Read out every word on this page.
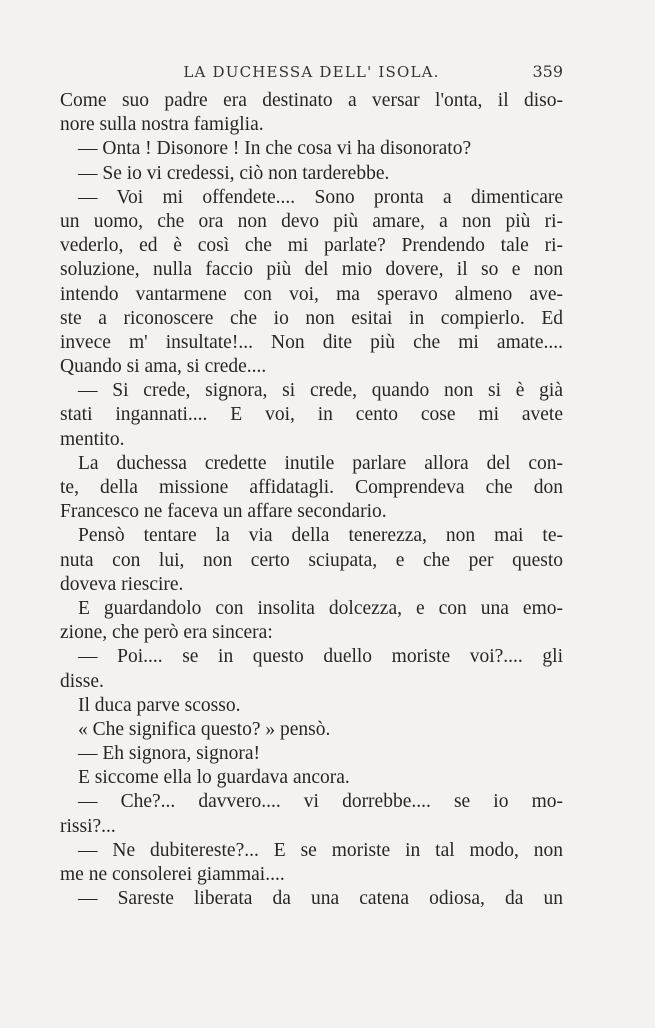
LA DUCHESSA DELL' ISOLA.	359
Come suo padre era destinato a versar l'onta, il diso-
nore sulla nostra famiglia.
— Onta ! Disonore ! In che cosa vi ha disonorato?
— Se io vi credessi, ciò non tarderebbe.
— Voi mi offendete.... Sono pronta a dimenticare
un uomo, che ora non devo più amare, a non più ri-
vederlo, ed è così che mi parlate? Prendendo tale ri-
soluzione, nulla faccio più del mio dovere, il so e non
intendo vantarmene con voi, ma speravo almeno ave-
ste a riconoscere che io non esitai in compierlo. Ed
invece m' insultate!... Non dite più che mi amate....
Quando si ama, si crede....
— Si crede, signora, si crede, quando non si è già
stati ingannati.... E voi, in cento cose mi avete
mentito.
La duchessa credette inutile parlare allora del con-
te, della missione affidatagli. Comprendeva che don
Francesco ne faceva un affare secondario.
Pensò tentare la via della tenerezza, non mai te-
nuta con lui, non certo sciupata, e che per questo
doveva riescire.
E guardandolo con insolita dolcezza, e con una emo-
zione, che però era sincera:
— Poi.... se in questo duello moriste voi?.... gli
disse.
Il duca parve scosso.
« Che significa questo? » pensò.
— Eh signora, signora!
E siccome ella lo guardava ancora.
— Che?... davvero.... vi dorrebbe.... se io mo-
rissi?...
— Ne dubitereste?... E se moriste in tal modo, non
me ne consolerei giammai....
— Sareste liberata da una catena odiosa, da un
